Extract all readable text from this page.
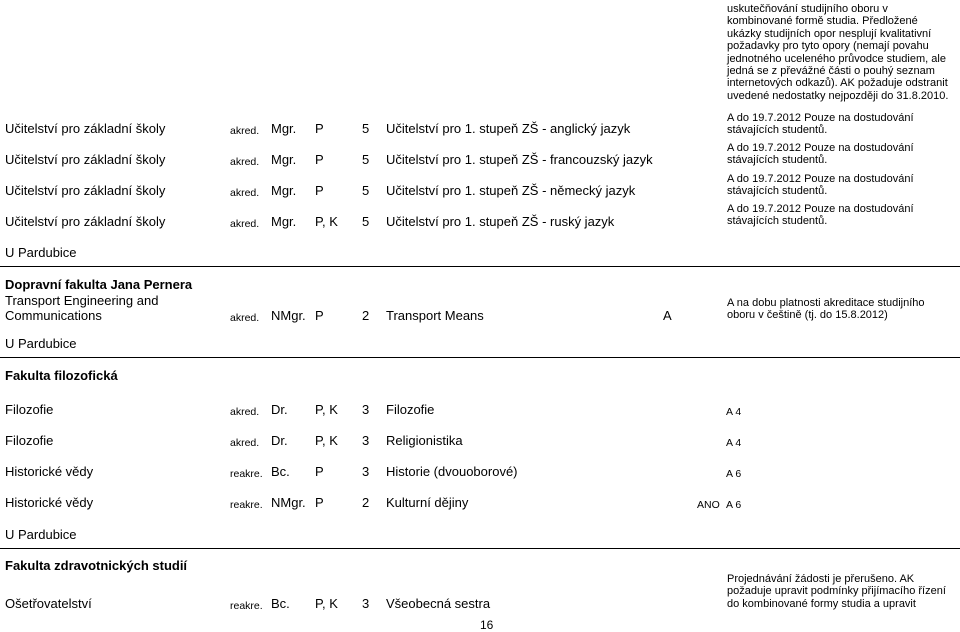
uskutečňování studijního oboru v kombinované formě studia. Předložené ukázky studijních opor nesplují kvalitativní požadavky pro tyto opory (nemají povahu jednotného uceleného průvodce studiem, ale jedná se z převážné části o pouhý seznam internetových odkazů). AK požaduje odstranit uvedené nedostatky nejpozději do 31.8.2010.
Učitelství pro základní školy	akred. Mgr. P	5 Učitelství pro 1. stupeň ZŠ - anglický jazyk
A do 19.7.2012 Pouze na dostudování stávajících studentů.
Učitelství pro základní školy	akred. Mgr. P	5 Učitelství pro 1. stupeň ZŠ - francouzský jazyk
A do 19.7.2012 Pouze na dostudování stávajících studentů.
Učitelství pro základní školy	akred. Mgr. P	5 Učitelství pro 1. stupeň ZŠ - německý jazyk
A do 19.7.2012 Pouze na dostudování stávajících studentů.
Učitelství pro základní školy	akred. Mgr. P, K 5 Učitelství pro 1. stupeň ZŠ - ruský jazyk
A do 19.7.2012 Pouze na dostudování stávajících studentů.
U Pardubice
Dopravní fakulta Jana Pernera
Transport Engineering and
Communications	akred. NMgr. P	2 Transport Means	A
A na dobu platnosti akreditace studijního oboru v češtině (tj. do 15.8.2012)
U Pardubice
Fakulta filozofická
Filozofie	akred. Dr. P, K 3 Filozofie	A 4
Filozofie	akred. Dr. P, K 3 Religionistika	A 4
Historické vědy	reakre. Bc. P	3 Historie (dvouoborové)	A 6
Historické vědy	reakre. NMgr. P	2 Kulturní dějiny	ANO A 6
U Pardubice
Fakulta zdravotnických studií
Ošetřovatelství	reakre. Bc. P, K 3 Všeobecná sestra
Projednávání žádosti je přerušeno. AK požaduje upravit podmínky přijímacího řízení do kombinované formy studia a upravit
16
